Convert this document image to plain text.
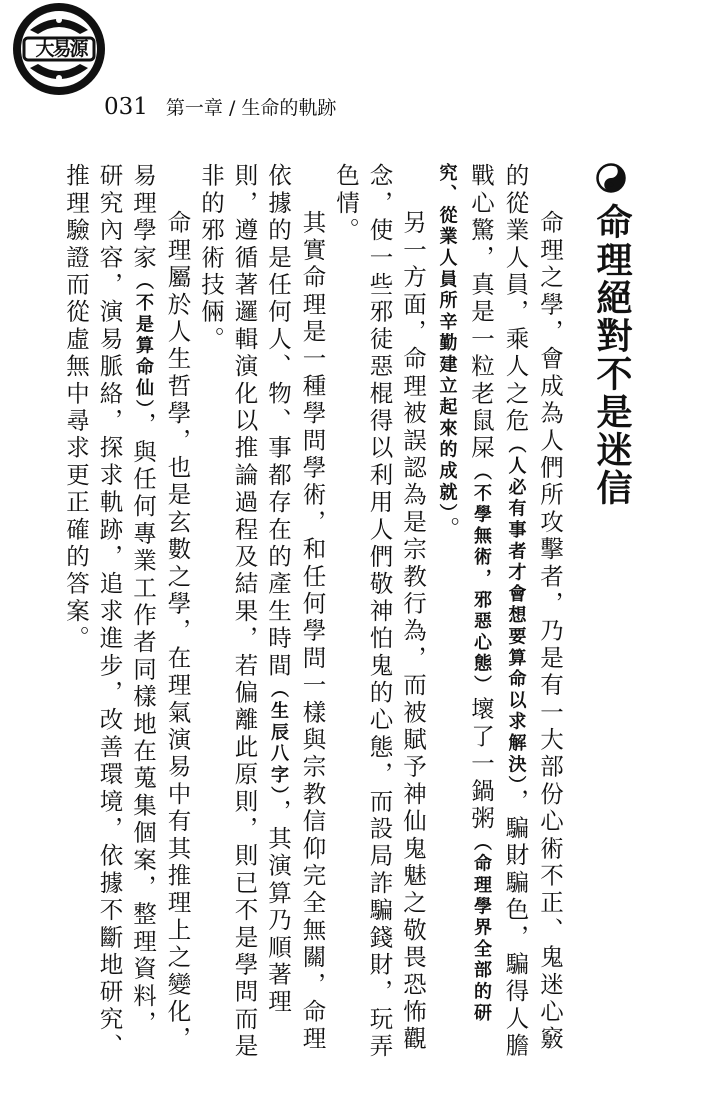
大易源
031 第一章 / 生命的軌跡
命理絕對不是迷信

命理之學，會成為人們所攻擊者，乃是有一大部份心術不正、鬼迷心竅的從業人員，乘人之危（人必有事者才會想要算命以求解決），騙財騙色，騙得人膽戰心驚，真是一粒老鼠屎（不學無術，邪惡心態）壞了一鍋粥（命理學界全部的研究、從業人員所辛勤建立起來的成就）。

另一方面，命理被誤認為是宗教行為，而被賦予神仙鬼魅之敬畏恐怖觀念，使一些邪徒惡棍得以利用人們敬神怕鬼的心態，而設局詐騙錢財，玩弄色情。

其實命理是一種學問學術，和任何學問一樣與宗教信仰完全無關，命理依據的是任何人、物、事都存在的產生時間（生辰八字），其演算乃順著理則，遵循著邏輯演化以推論過程及結果，若偏離此原則，則已不是學問而是非的邪術技倆。

命理屬於人生哲學，也是玄數之學，在理氣演易中有其推理上之變化，易理學家（不是算命仙），與任何專業工作者同樣地在蒐集個案，整理資料，研究內容，演易脈絡，探求軌跡，追求進步，改善環境，依據不斷地研究、推理驗證而從虛無中尋求更正確的答案。
